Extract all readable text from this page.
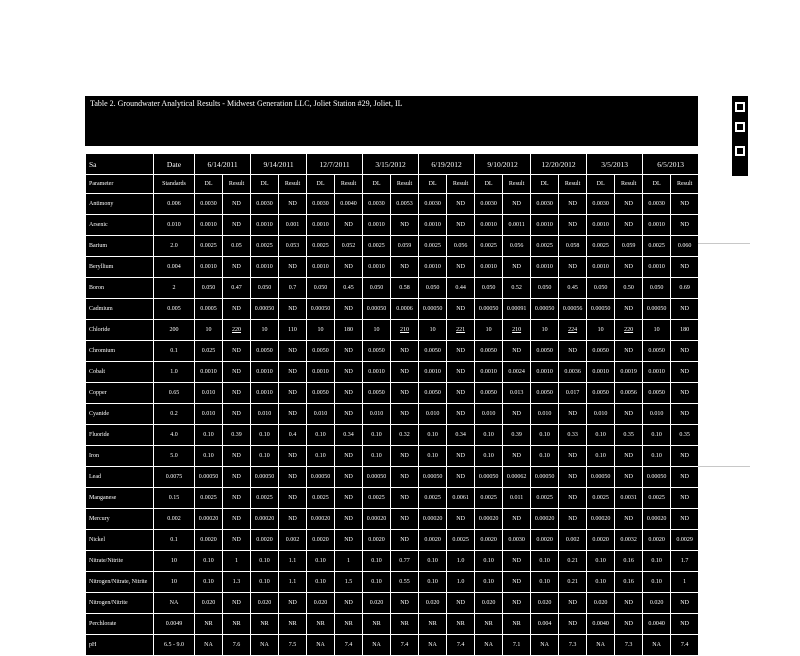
Table 2. Groundwater Analytical Results - Midwest Generation LLC, Joliet Station #29, Joliet, IL
Sa	Date	6/14/2011		9/14/2011		12/7/2011		3/15/2012		6/19/2012		9/10/2012		12/20/2012		3/5/2013		6/5/2013	
Parameter	Standards	DL	Result	DL	Result	DL	Result	DL	Result	DL	Result	DL	Result	DL	Result	DL	Result	DL	Result
Antimony	0.006	0.0030	ND	0.0030	ND	0.0030	0.0040	0.0030	0.0053	0.0030	ND	0.0030	ND	0.0030	ND	0.0030	ND	0.0030	ND
Arsenic	0.010	0.0010	ND	0.0010	0.001	0.0010	ND	0.0010	ND	0.0010	ND	0.0010	0.0011	0.0010	ND	0.0010	ND	0.0010	ND
Barium	2.0	0.0025	0.05	0.0025	0.053	0.0025	0.052	0.0025	0.059	0.0025	0.056	0.0025	0.056	0.0025	0.058	0.0025	0.059	0.0025	0.060
Beryllium	0.004	0.0010	ND	0.0010	ND	0.0010	ND	0.0010	ND	0.0010	ND	0.0010	ND	0.0010	ND	0.0010	ND	0.0010	ND
Boron	2	0.050	0.47	0.050	0.7	0.050	0.45	0.050	0.58	0.050	0.44	0.050	0.52	0.050	0.45	0.050	0.50	0.050	0.69
Cadmium	0.005	0.0005	ND	0.00050	ND	0.00050	ND	0.00050	0.0006	0.00050	ND	0.00050	0.00091	0.00050	0.00056	0.00050	ND	0.00050	ND
Chloride	200	10	220	10	110	10	180	10	210	10	221	10	210	10	224	10	220	10	180
Chromium	0.1	0.025	ND	0.0050	ND	0.0050	ND	0.0050	ND	0.0050	ND	0.0050	ND	0.0050	ND	0.0050	ND	0.0050	ND
Cobalt	1.0	0.0010	ND	0.0010	ND	0.0010	ND	0.0010	ND	0.0010	ND	0.0010	0.0024	0.0010	0.0036	0.0010	0.0019	0.0010	ND
Copper	0.65	0.010	ND	0.0010	ND	0.0050	ND	0.0050	ND	0.0050	ND	0.0050	0.013	0.0050	0.017	0.0050	0.0056	0.0050	ND
Cyanide	0.2	0.010	ND	0.010	ND	0.010	ND	0.010	ND	0.010	ND	0.010	ND	0.010	ND	0.010	ND	0.010	ND
Fluoride	4.0	0.10	0.39	0.10	0.4	0.10	0.34	0.10	0.32	0.10	0.34	0.10	0.39	0.10	0.33	0.10	0.35	0.10	0.35
Iron	5.0	0.10	ND	0.10	ND	0.10	ND	0.10	ND	0.10	ND	0.10	ND	0.10	ND	0.10	ND	0.10	ND
Lead	0.0075	0.00050	ND	0.00050	ND	0.00050	ND	0.00050	ND	0.00050	ND	0.00050	0.00062	0.00050	ND	0.00050	ND	0.00050	ND
Manganese	0.15	0.0025	ND	0.0025	ND	0.0025	ND	0.0025	ND	0.0025	0.0061	0.0025	0.011	0.0025	ND	0.0025	0.0031	0.0025	ND
Mercury	0.002	0.00020	ND	0.00020	ND	0.00020	ND	0.00020	ND	0.00020	ND	0.00020	ND	0.00020	ND	0.00020	ND	0.00020	ND
Nickel	0.1	0.0020	ND	0.0020	0.002	0.0020	ND	0.0020	ND	0.0020	0.0025	0.0020	0.0030	0.0020	0.002	0.0020	0.0032	0.0020	0.0029
Nitrate/Nitrite	10	0.10	1	0.10	1.1	0.10	1	0.10	0.77	0.10	1.0	0.10	ND	0.10	0.21	0.10	0.16	0.10	1.7
Nitrogen/Nitrate, Nitrite	10	0.10	1.3	0.10	1.1	0.10	1.5	0.10	0.55	0.10	1.0	0.10	ND	0.10	0.21	0.10	0.16	0.10	1
Nitrogen/Nitrite	NA	0.020	ND	0.020	ND	0.020	ND	0.020	ND	0.020	ND	0.020	ND	0.020	ND	0.020	ND	0.020	ND
Perchlorate	0.0049	NR	NR	NR	NR	NR	NR	NR	NR	NR	NR	NR	NR	0.004	ND	0.0040	ND	0.0040	ND
pH	6.5 - 9.0	NA	7.6	NA	7.5	NA	7.4	NA	7.4	NA	7.4	NA	7.1	NA	7.3	NA	7.3	NA	7.4
